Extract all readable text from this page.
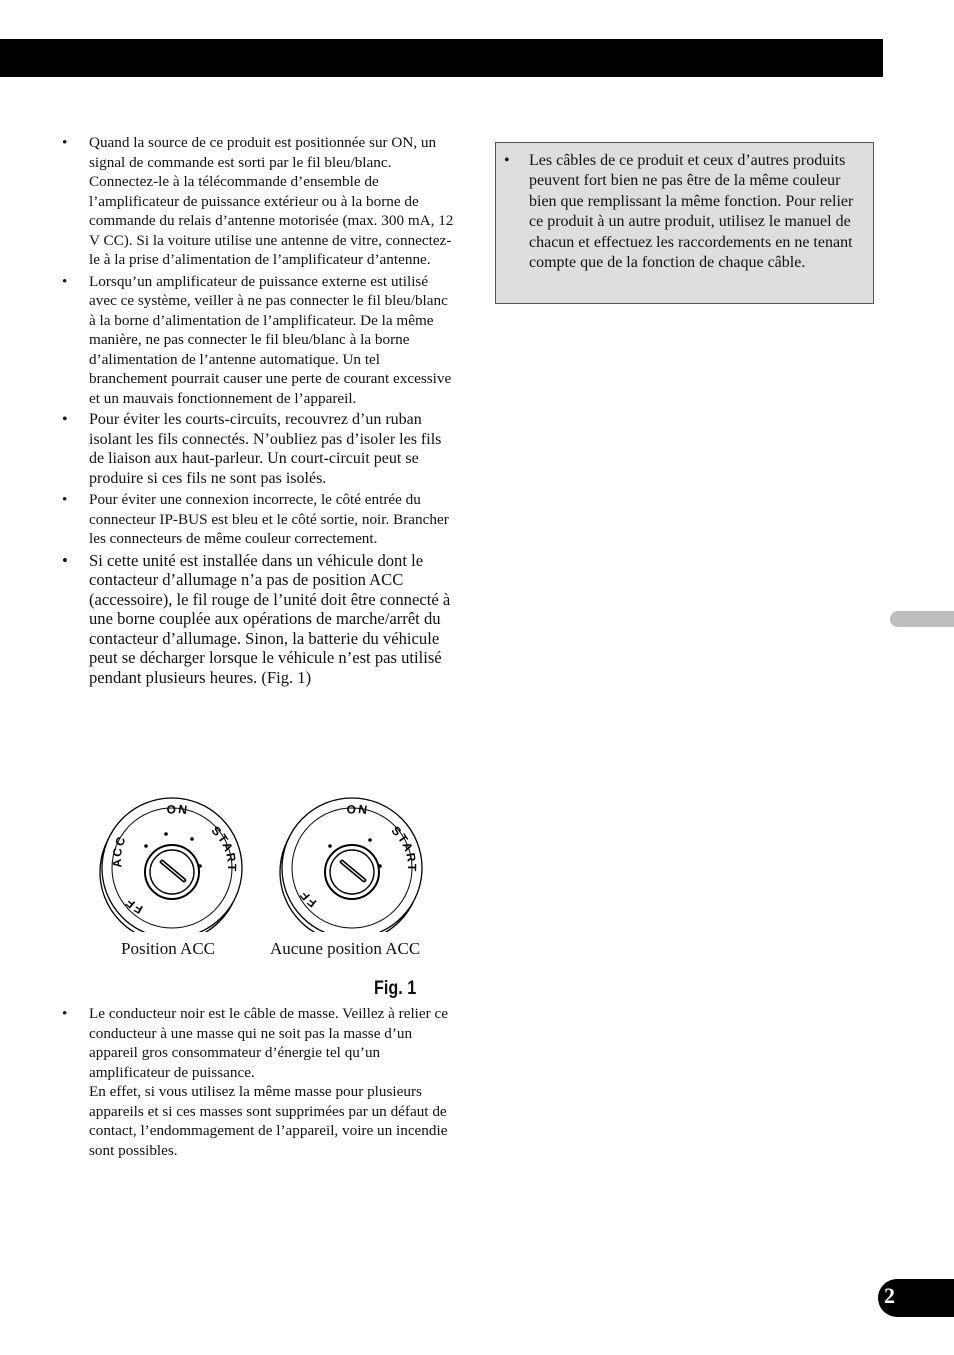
2
• Quand la source de ce produit est positionnée sur ON, un signal de commande est sorti par le fil bleu/blanc. Connectez-le à la télécommande d’ensemble de l’amplificateur de puissance extérieur ou à la borne de commande du relais d’antenne motorisée (max. 300 mA, 12 V CC). Si la voiture utilise une antenne de vitre, connectez-le à la prise d’alimentation de l’amplificateur d’antenne.
• Lorsqu’un amplificateur de puissance externe est utilisé avec ce système, veiller à ne pas connecter le fil bleu/blanc à la borne d’alimentation de l’amplificateur. De la même manière, ne pas connecter le fil bleu/blanc à la borne d’alimentation de l’antenne automatique. Un tel branchement pourrait causer une perte de courant excessive et un mauvais fonctionnement de l’appareil.
• Pour éviter les courts-circuits, recouvrez d’un ruban isolant les fils connectés. N’oubliez pas d’isoler les fils de liaison aux haut-parleur. Un court-circuit peut se produire si ces fils ne sont pas isolés.
• Pour éviter une connexion incorrecte, le côté entrée du connecteur IP-BUS est bleu et le côté sortie, noir. Brancher les connecteurs de même couleur correctement.
• Si cette unité est installée dans un véhicule dont le contacteur d’allumage n’a pas de position ACC (accessoire), le fil rouge de l’unité doit être connecté à une borne couplée aux opérations de marche/arrêt du contacteur d’allumage. Sinon, la batterie du véhicule peut se décharger lorsque le véhicule n’est pas utilisé pendant plusieurs heures. (Fig. 1)
OFF
ACC
ON
START
OFF
ON
START
Position ACC	Aucune position ACC
Fig. 1
• Le conducteur noir est le câble de masse. Veillez à relier ce conducteur à une masse qui ne soit pas la masse d’un appareil gros consommateur d’énergie tel qu’un amplificateur de puissance.
En effet, si vous utilisez la même masse pour plusieurs appareils et si ces masses sont supprimées par un défaut de contact, l’endommagement de l’appareil, voire un incendie sont possibles.
• Les câbles de ce produit et ceux d’autres produits peuvent fort bien ne pas être de la même couleur bien que remplissant la même fonction. Pour relier ce produit à un autre produit, utilisez le manuel de chacun et effectuez les raccordements en ne tenant compte que de la fonction de chaque câble.
